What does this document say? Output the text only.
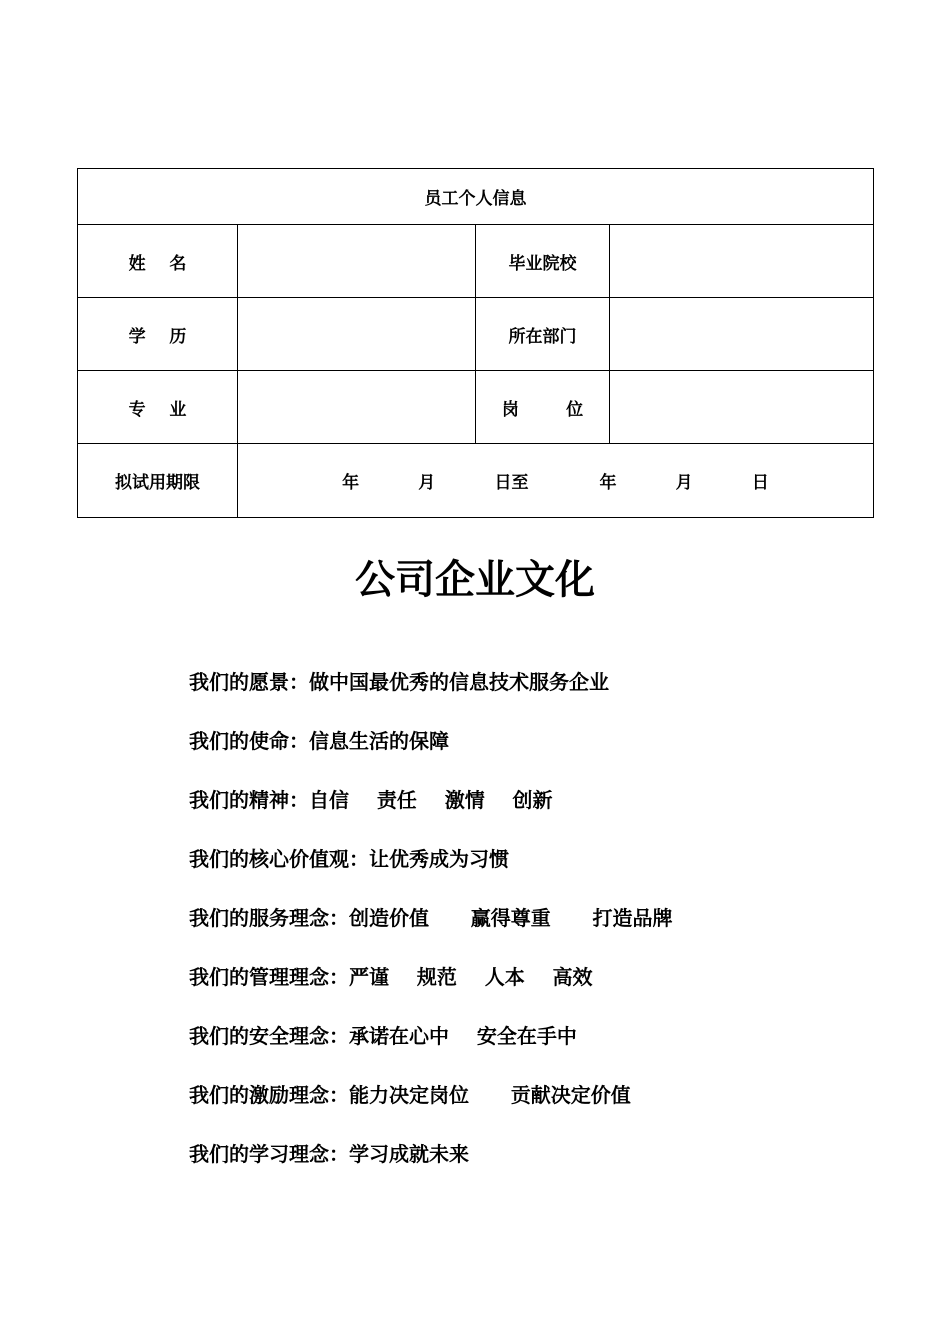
员工个人信息			
姓    名		毕业院校	
学    历		所在部门	
专    业		岗        位	
拟试用期限	年          月          日至            年          月          日		
公司企业文化
我们的愿景：做中国最优秀的信息技术服务企业
我们的使命：信息生活的保障
我们的精神：自信    责任    激情    创新
我们的核心价值观：让优秀成为习惯
我们的服务理念：创造价值      赢得尊重      打造品牌
我们的管理理念：严谨    规范    人本    高效
我们的安全理念：承诺在心中    安全在手中
我们的激励理念：能力决定岗位      贡献决定价值
我们的学习理念：学习成就未来
